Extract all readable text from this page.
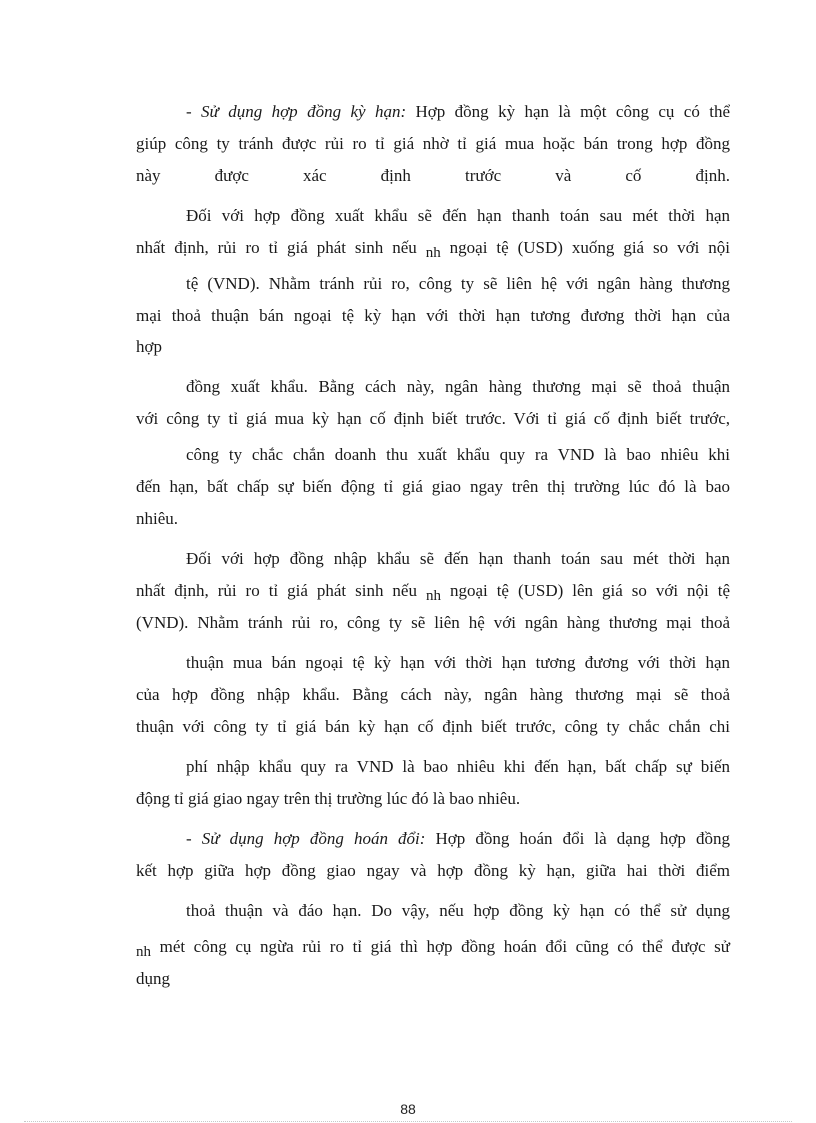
- Sử dụng hợp đồng kỳ hạn: Hợp đồng kỳ hạn là một công cụ có thể
giúp công ty tránh được rủi ro tỉ giá nhờ tỉ giá mua hoặc bán trong hợp đồng
này được xác định trước và cố định.
Đối với hợp đồng xuất khẩu sẽ đến hạn thanh toán sau mét thời hạn
nhất định, rủi ro tỉ giá phát sinh nếu nh ngoại tệ (USD) xuống giá so với nội
tệ (VND). Nhằm tránh rủi ro, công ty sẽ liên hệ với ngân hàng thương
mại thoả thuận bán ngoại tệ kỳ hạn với thời hạn tương đương thời hạn của
hợp
đồng xuất khẩu. Bằng cách này, ngân hàng thương mại sẽ thoả thuận
với công ty tỉ giá mua kỳ hạn cố định biết trước. Với tỉ giá cố định biết trước,
công ty chắc chắn doanh thu xuất khẩu quy ra VND là bao nhiêu khi
đến hạn, bất chấp sự biến động tỉ giá giao ngay trên thị trường lúc đó là bao
nhiêu.
Đối với hợp đồng nhập khẩu sẽ đến hạn thanh toán sau mét thời hạn
nhất định, rủi ro tỉ giá phát sinh nếu nh ngoại tệ (USD) lên giá so với nội tệ
(VND). Nhằm tránh rủi ro, công ty sẽ liên hệ với ngân hàng thương mại thoả
thuận mua bán ngoại tệ kỳ hạn với thời hạn tương đương với thời hạn
của hợp đồng nhập khẩu. Bằng cách này, ngân hàng thương mại sẽ thoả
thuận với công ty tỉ giá bán kỳ hạn cố định biết trước, công ty chắc chắn chi
phí nhập khẩu quy ra VND là bao nhiêu khi đến hạn, bất chấp sự biến
động tỉ giá giao ngay trên thị trường lúc đó là bao nhiêu.
- Sử dụng hợp đồng hoán đổi: Hợp đồng hoán đổi là dạng hợp đồng
kết hợp giữa hợp đồng giao ngay và hợp đồng kỳ hạn, giữa hai thời điểm
thoả thuận và đáo hạn. Do vậy, nếu hợp đồng kỳ hạn có thể sử dụng
nh mét công cụ ngừa rủi ro tỉ giá thì hợp đồng hoán đổi cũng có thể được sử
dụng
88
